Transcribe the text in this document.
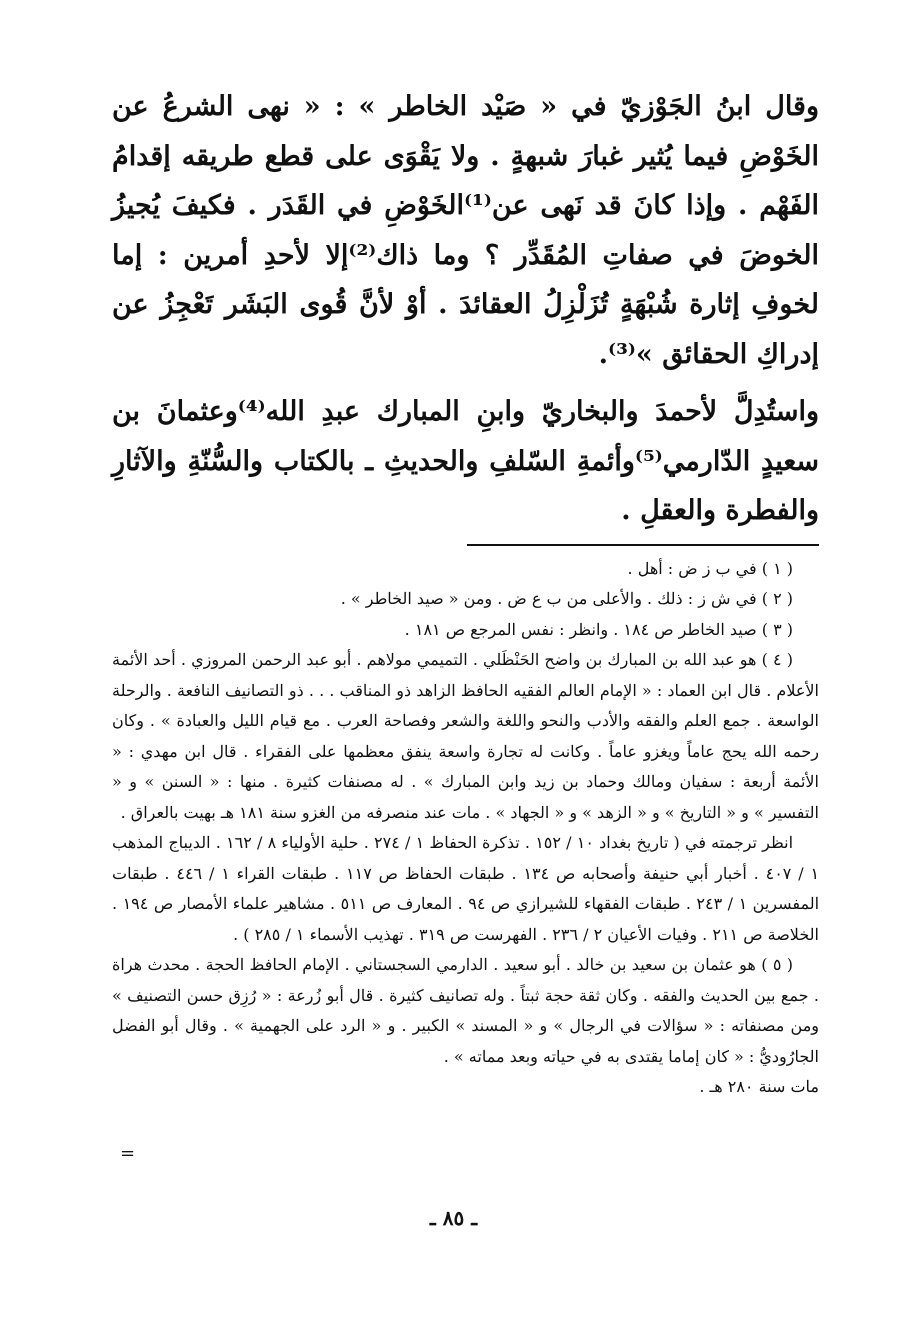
وقال ابنُ الجَوْزيّ في « صَيْد الخاطر » : « نهى الشرعُ عن الخَوْضِ فيما يُثير غبارَ شبهةٍ . ولا يَقْوَى على قطع طريقه إقدامُ الفَهْم . وإذا كانَ قد نَهى عن⁽¹⁾الخَوْضِ في القَدَر . فكيفَ يُجيزُ الخوضَ في صفاتِ المُقَدِّر ؟ وما ذاك⁽²⁾إلا لأحدِ أمرين : إما لخوفِ إثارة شُبْهَةٍ تُزَلْزِلُ العقائدَ . أوْ لأنَّ قُوى البَشَر تَعْجِزُ عن إدراكِ الحقائق »⁽³⁾.

واستُدِلَّ لأحمدَ والبخاريّ وابنِ المبارك عبدِ الله⁽⁴⁾وعثمانَ بن سعيدٍ الدّارمي⁽⁵⁾وأئمةِ السّلفِ والحديثِ ـ بالكتاب والسُّنّةِ والآثارِ والفطرة والعقلِ .

( ١ ) في ب ز ض : أهل .

( ٢ ) في ش ز : ذلك . والأعلى من ب ع ض . ومن « صيد الخاطر » .

( ٣ ) صيد الخاطر ص ١٨٤ . وانظر : نفس المرجع ص ١٨١ .

( ٤ ) هو عبد الله بن المبارك بن واضح الحَنْظَلي . التميمي مولاهم . أبو عبد الرحمن المروزي . أحد الأئمة الأعلام . قال ابن العماد : « الإمام العالم الفقيه الحافظ الزاهد ذو المناقب . . . ذو التصانيف النافعة . والرحلة الواسعة . جمع العلم والفقه والأدب والنحو واللغة والشعر وفصاحة العرب . مع قيام الليل والعبادة » . وكان رحمه الله يحج عاماً ويغزو عاماً . وكانت له تجارة واسعة ينفق معظمها على الفقراء . قال ابن مهدي : « الأئمة أربعة : سفيان ومالك وحماد بن زيد وابن المبارك » . له مصنفات كثيرة . منها : « السنن » و « التفسير » و « التاريخ » و « الزهد » و « الجهاد » . مات عند منصرفه من الغزو سنة ١٨١ هـ بهيت بالعراق .

انظر ترجمته في ( تاريخ بغداد ١٠ / ١٥٢ . تذكرة الحفاظ ١ / ٢٧٤ . حلية الأولياء ٨ / ١٦٢ . الديباج المذهب ١ / ٤٠٧ . أخبار أبي حنيفة وأصحابه ص ١٣٤ . طبقات الحفاظ ص ١١٧ . طبقات القراء ١ / ٤٤٦ . طبقات المفسرين ١ / ٢٤٣ . طبقات الفقهاء للشيرازي ص ٩٤ . المعارف ص ٥١١ . مشاهير علماء الأمصار ص ١٩٤ . الخلاصة ص ٢١١ . وفيات الأعيان ٢ / ٢٣٦ . الفهرست ص ٣١٩ . تهذيب الأسماء ١ / ٢٨٥ ) .

( ٥ ) هو عثمان بن سعيد بن خالد . أبو سعيد . الدارمي السجستاني . الإمام الحافظ الحجة . محدث هراة . جمع بين الحديث والفقه . وكان ثقة حجة ثبتاً . وله تصانيف كثيرة . قال أبو زُرعة : « رُزِق حسن التصنيف » ومن مصنفاته : « سؤالات في الرجال » و « المسند » الكبير . و « الرد على الجهمية » . وقال أبو الفضل الجارُوديُّ : « كان إماما يقتدى به في حياته وبعد مماته » .

مات سنة ٢٨٠ هـ .

=
ـ ٨٥ ـ
